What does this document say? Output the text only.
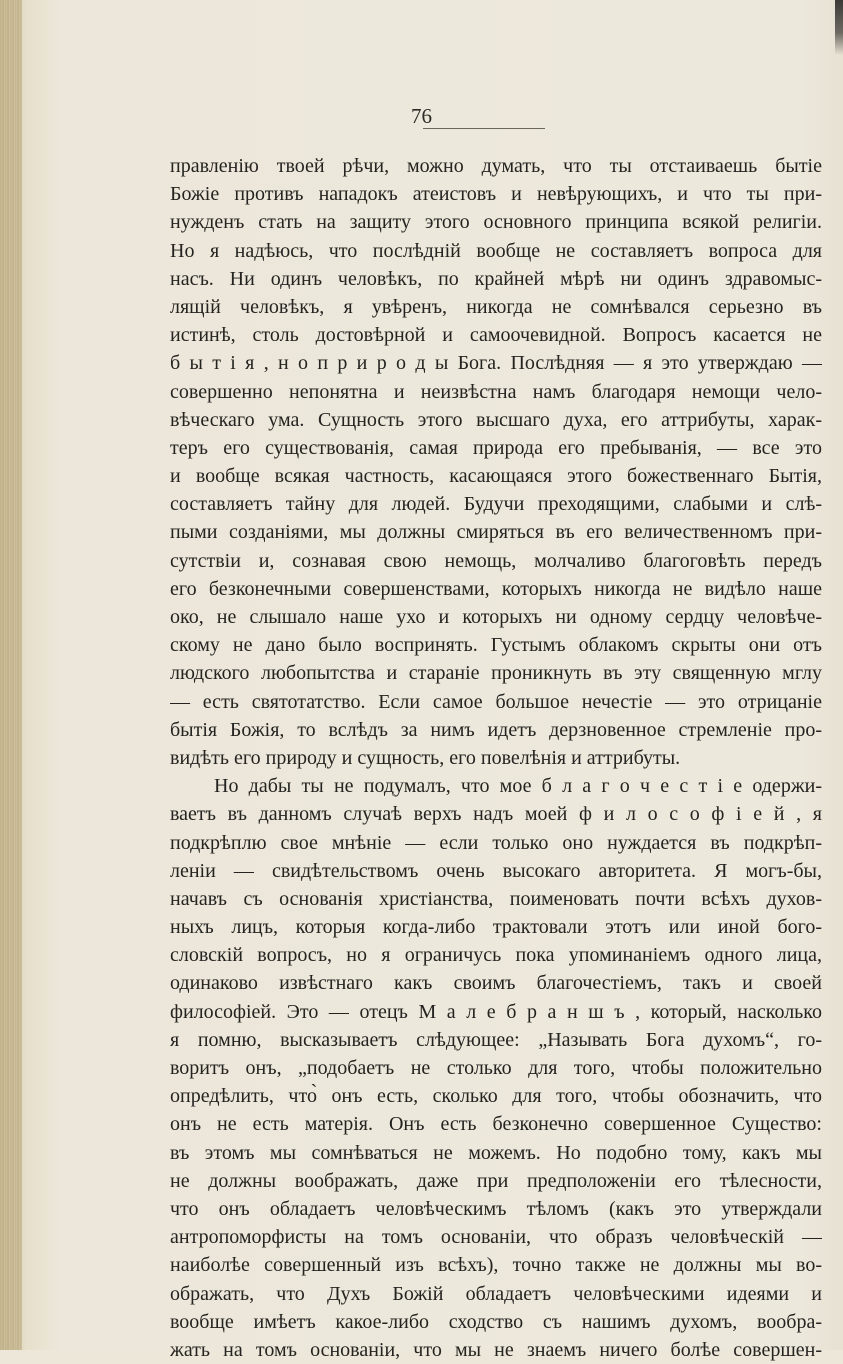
76
правленію твоей рѣчи, можно думать, что ты отстаиваешь бытіе
Божіе противъ нападокъ атеистовъ и невѣрующихъ, и что ты при-
нужденъ стать на защиту этого основного принципа всякой религіи.
Но я надѣюсь, что послѣдній вообще не составляетъ вопроса для
насъ. Ни одинъ человѣкъ, по крайней мѣрѣ ни одинъ здравомыс-
лящій человѣкъ, я увѣренъ, никогда не сомнѣвался серьезно въ
истинѣ, столь достовѣрной и самоочевидной. Вопросъ касается не
б ы т і я , н о п р и р о д ы Бога. Послѣдняя — я это утверждаю —
совершенно непонятна и неизвѣстна намъ благодаря немощи чело-
вѣческаго ума. Сущность этого высшаго духа, его аттрибуты, харак-
теръ его существованія, самая природа его пребыванія, — все это
и вообще всякая частность, касающаяся этого божественнаго Бытія,
составляетъ тайну для людей. Будучи преходящими, слабыми и слѣ-
пыми созданіями, мы должны смиряться въ его величественномъ при-
сутствіи и, сознавая свою немощь, молчаливо благоговѣть передъ
его безконечными совершенствами, которыхъ никогда не видѣло наше
око, не слышало наше ухо и которыхъ ни одному сердцу человѣче-
скому не дано было воспринять. Густымъ облакомъ скрыты они отъ
людского любопытства и стараніе проникнуть въ эту священную мглу
— есть святотатство. Если самое большое нечестіе — это отрицаніе
бытія Божія, то вслѣдъ за нимъ идетъ дерзновенное стремленіе про-
видѣть его природу и сущность, его повелѣнія и аттрибуты.
Но дабы ты не подумалъ, что мое б л а г о ч е с т і е одержи-
ваетъ въ данномъ случаѣ верхъ надъ моей ф и л о с о ф і е й , я
подкрѣплю свое мнѣніе — если только оно нуждается въ подкрѣп-
леніи — свидѣтельствомъ очень высокаго авторитета. Я могъ-бы,
начавъ съ основанія христіанства, поименовать почти всѣхъ духов-
ныхъ лицъ, которыя когда-либо трактовали этотъ или иной бого-
словскій вопросъ, но я ограничусь пока упоминаніемъ одного лица,
одинаково извѣстнаго какъ своимъ благочестіемъ, такъ и своей
философіей. Это — отецъ М а л е б р а н ш ъ , который, насколько
я помню, высказываетъ слѣдующее: „Называть Бога духомъ“, го-
воритъ онъ, „подобаетъ не столько для того, чтобы положительно
опредѣлить, что̀ онъ есть, сколько для того, чтобы обозначить, что
онъ не есть матерія. Онъ есть безконечно совершенное Существо:
въ этомъ мы сомнѣваться не можемъ. Но подобно тому, какъ мы
не должны воображать, даже при предположеніи его тѣлесности,
что онъ обладаетъ человѣческимъ тѣломъ (какъ это утверждали
антропоморфисты на томъ основаніи, что образъ человѣческій —
наиболѣе совершенный изъ всѣхъ), точно также не должны мы во-
ображать, что Духъ Божій обладаетъ человѣческими идеями и
вообще имѣетъ какое-либо сходство съ нашимъ духомъ, вообра-
жать на томъ основаніи, что мы не знаемъ ничего болѣе совершен-
